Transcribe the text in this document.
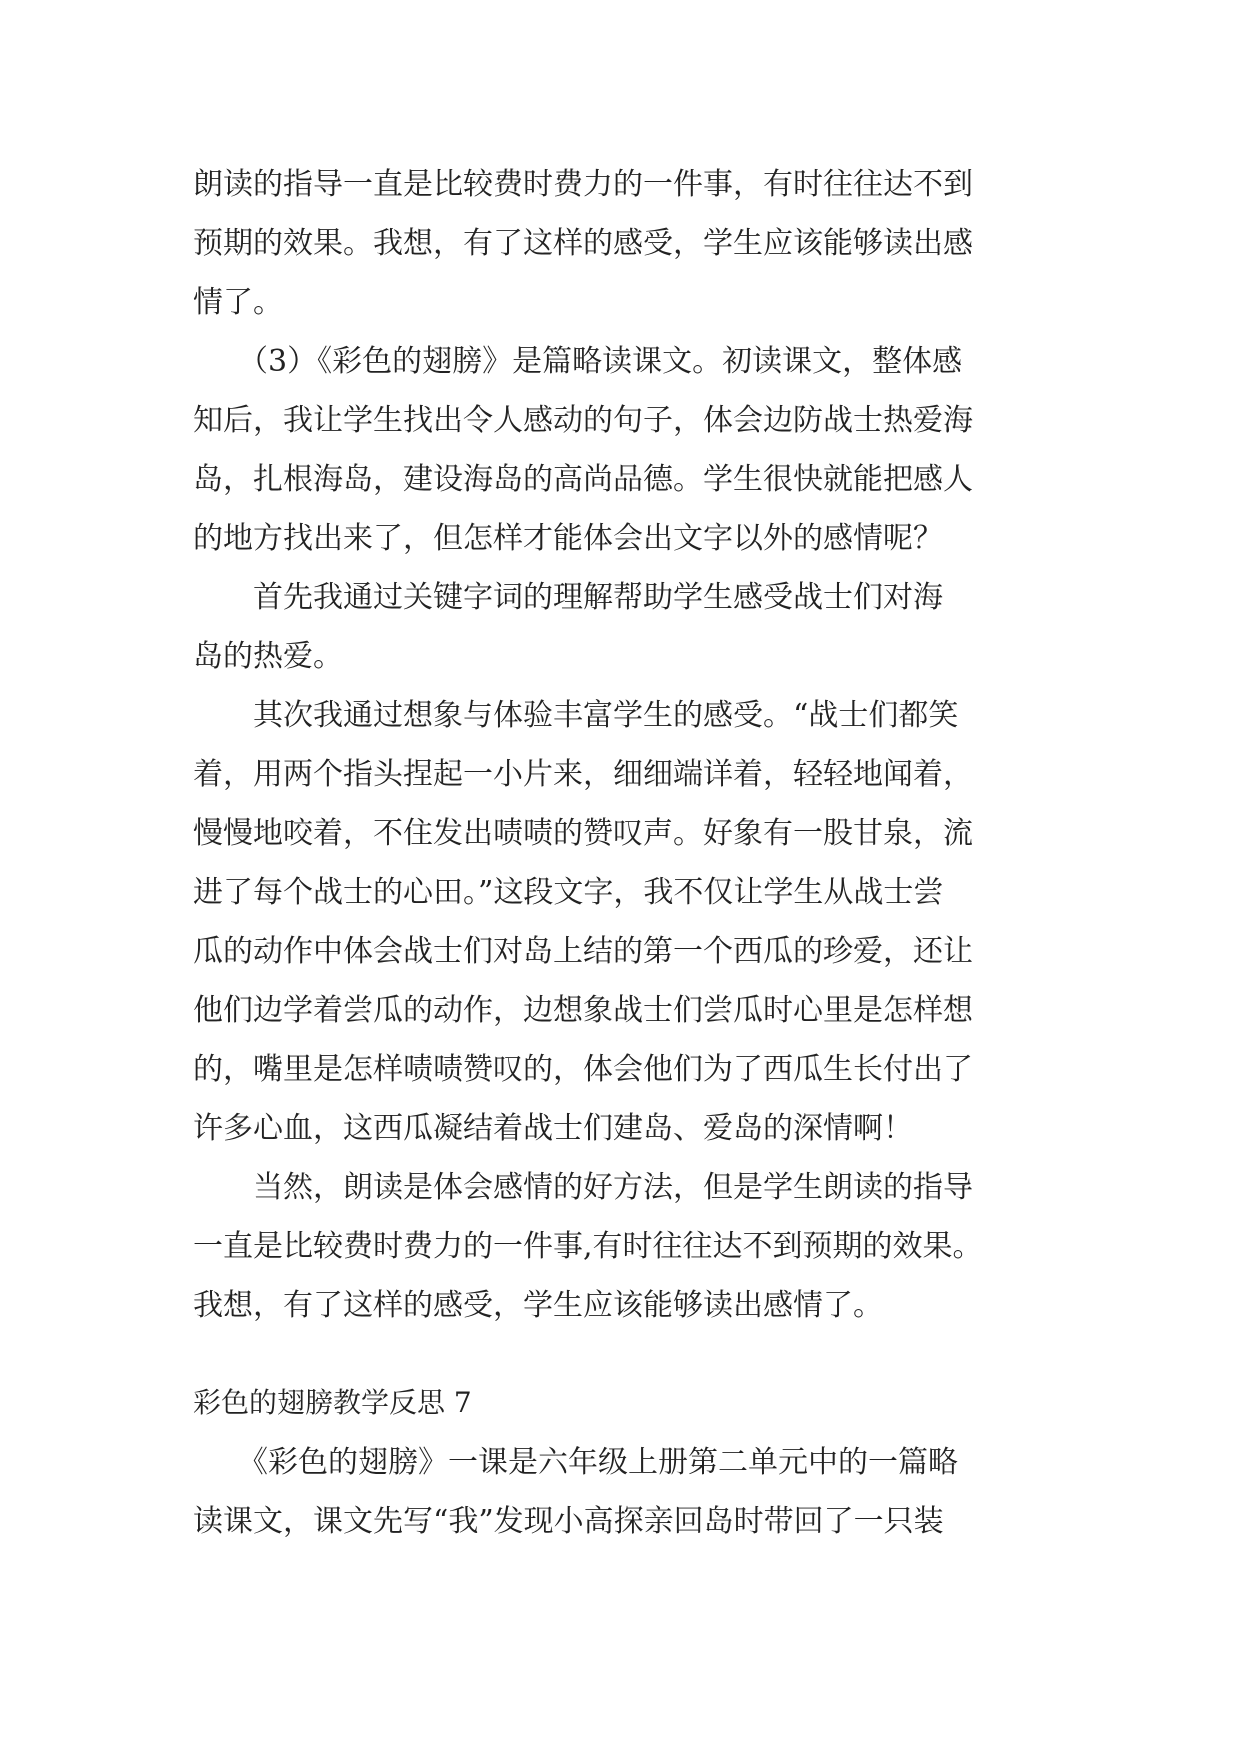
朗读的指导一直是比较费时费力的一件事，有时往往达不到
预期的效果。我想，有了这样的感受，学生应该能够读出感
情了。
　　（3）《彩色的翅膀》是篇略读课文。初读课文，整体感
知后，我让学生找出令人感动的句子，体会边防战士热爱海
岛，扎根海岛，建设海岛的高尚品德。学生很快就能把感人
的地方找出来了，但怎样才能体会出文字以外的感情呢？
　　首先我通过关键字词的理解帮助学生感受战士们对海
岛的热爱。
　　其次我通过想象与体验丰富学生的感受。“战士们都笑
着，用两个指头捏起一小片来，细细端详着，轻轻地闻着，
慢慢地咬着，不住发出啧啧的赞叹声。好象有一股甘泉，流
进了每个战士的心田。”这段文字，我不仅让学生从战士尝
瓜的动作中体会战士们对岛上结的第一个西瓜的珍爱，还让
他们边学着尝瓜的动作，边想象战士们尝瓜时心里是怎样想
的，嘴里是怎样啧啧赞叹的，体会他们为了西瓜生长付出了
许多心血，这西瓜凝结着战士们建岛、爱岛的深情啊！
　　当然，朗读是体会感情的好方法，但是学生朗读的指导
一直是比较费时费力的一件事,有时往往达不到预期的效果。
我想，有了这样的感受，学生应该能够读出感情了。
彩色的翅膀教学反思 7
　　《彩色的翅膀》一课是六年级上册第二单元中的一篇略
读课文，课文先写“我”发现小高探亲回岛时带回了一只装
